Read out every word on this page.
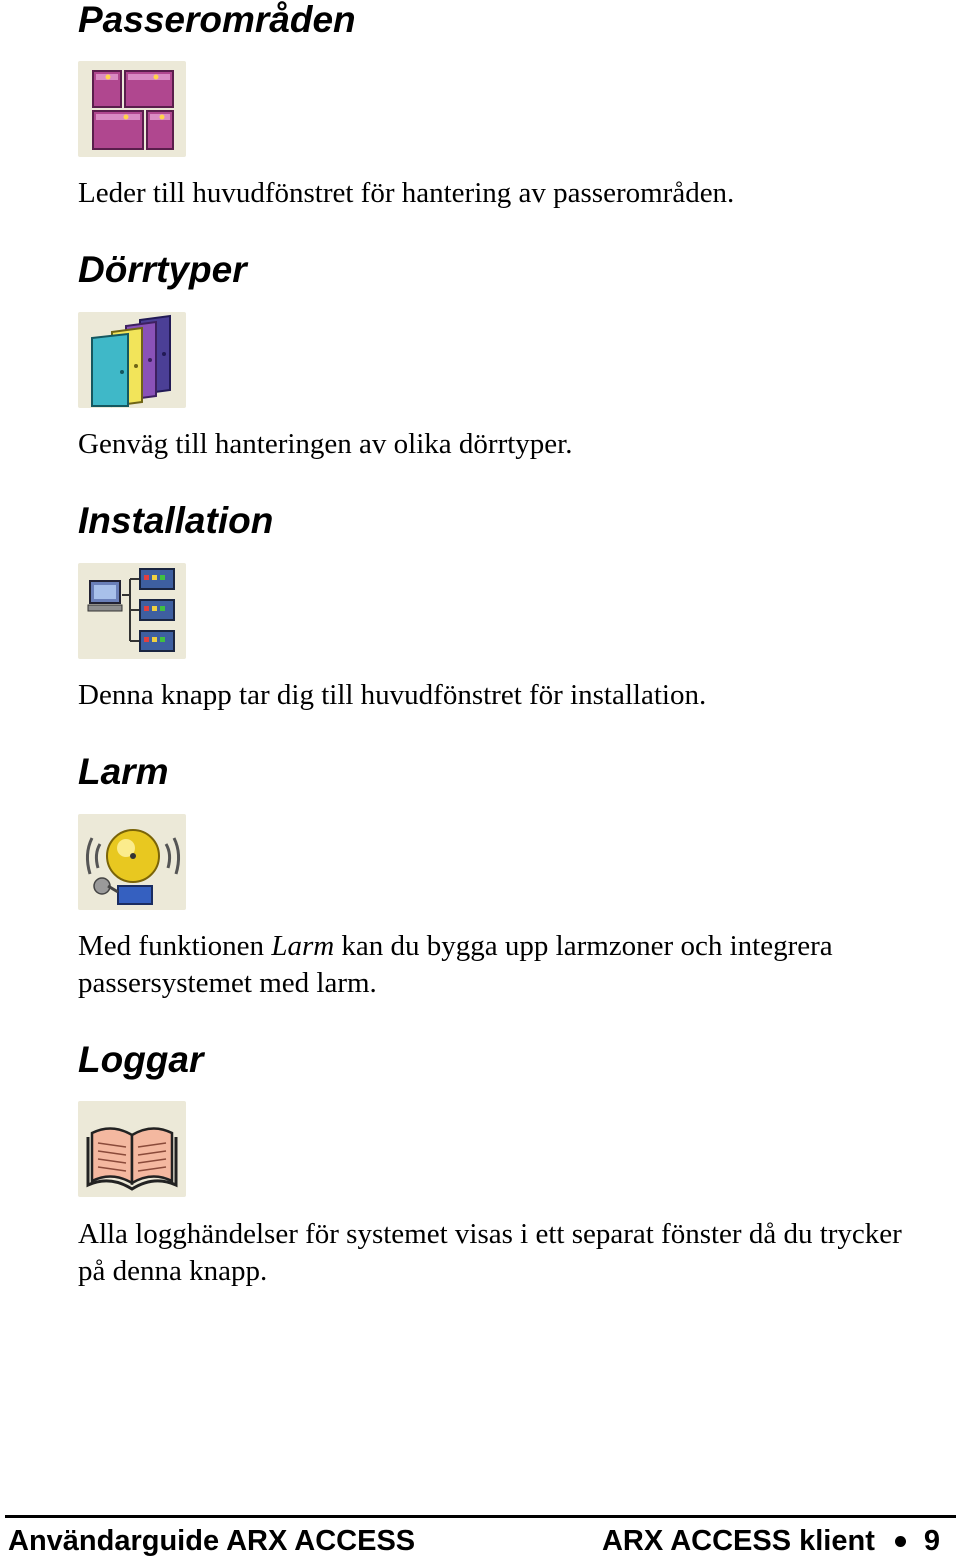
Passerområden

Leder till huvudfönstret för hantering av passerområden.

Dörrtyper

Genväg till hanteringen av olika dörrtyper.

Installation

Denna knapp tar dig till huvudfönstret för installation.

Larm

Med funktionen Larm kan du bygga upp larmzoner och integrera passersystemet med larm.

Loggar

Alla logghändelser för systemet visas i ett separat fönster då du trycker på denna knapp.

Användarguide ARX ACCESS	ARX ACCESS klient 9
